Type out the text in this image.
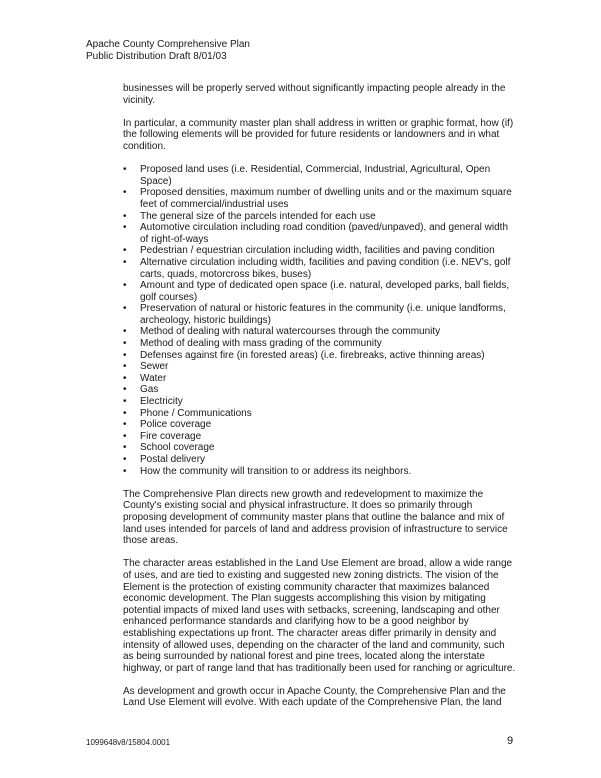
Apache County Comprehensive Plan
Public Distribution Draft 8/01/03

businesses will be properly served without significantly impacting people already in the vicinity.

In particular, a community master plan shall address in written or graphic format, how (if) the following elements will be provided for future residents or landowners and in what condition.

• Proposed land uses (i.e. Residential, Commercial, Industrial, Agricultural, Open Space)
• Proposed densities, maximum number of dwelling units and or the maximum square feet of commercial/industrial uses
• The general size of the parcels intended for each use
• Automotive circulation including road condition (paved/unpaved), and general width of right-of-ways
• Pedestrian / equestrian circulation including width, facilities and paving condition
• Alternative circulation including width, facilities and paving condition (i.e. NEV's, golf carts, quads, motorcross bikes, buses)
• Amount and type of dedicated open space (i.e. natural, developed parks, ball fields, golf courses)
• Preservation of natural or historic features in the community (i.e. unique landforms, archeology, historic buildings)
• Method of dealing with natural watercourses through the community
• Method of dealing with mass grading of the community
• Defenses against fire (in forested areas) (i.e. firebreaks, active thinning areas)
• Sewer
• Water
• Gas
• Electricity
• Phone / Communications
• Police coverage
• Fire coverage
• School coverage
• Postal delivery
• How the community will transition to or address its neighbors.

The Comprehensive Plan directs new growth and redevelopment to maximize the County's existing social and physical infrastructure. It does so primarily through proposing development of community master plans that outline the balance and mix of land uses intended for parcels of land and address provision of infrastructure to service those areas.

The character areas established in the Land Use Element are broad, allow a wide range of uses, and are tied to existing and suggested new zoning districts. The vision of the Element is the protection of existing community character that maximizes balanced economic development. The Plan suggests accomplishing this vision by mitigating potential impacts of mixed land uses with setbacks, screening, landscaping and other enhanced performance standards and clarifying how to be a good neighbor by establishing expectations up front. The character areas differ primarily in density and intensity of allowed uses, depending on the character of the land and community, such as being surrounded by national forest and pine trees, located along the interstate highway, or part of range land that has traditionally been used for ranching or agriculture.

As development and growth occur in Apache County, the Comprehensive Plan and the Land Use Element will evolve. With each update of the Comprehensive Plan, the land

1099648v8/15804.0001	9
